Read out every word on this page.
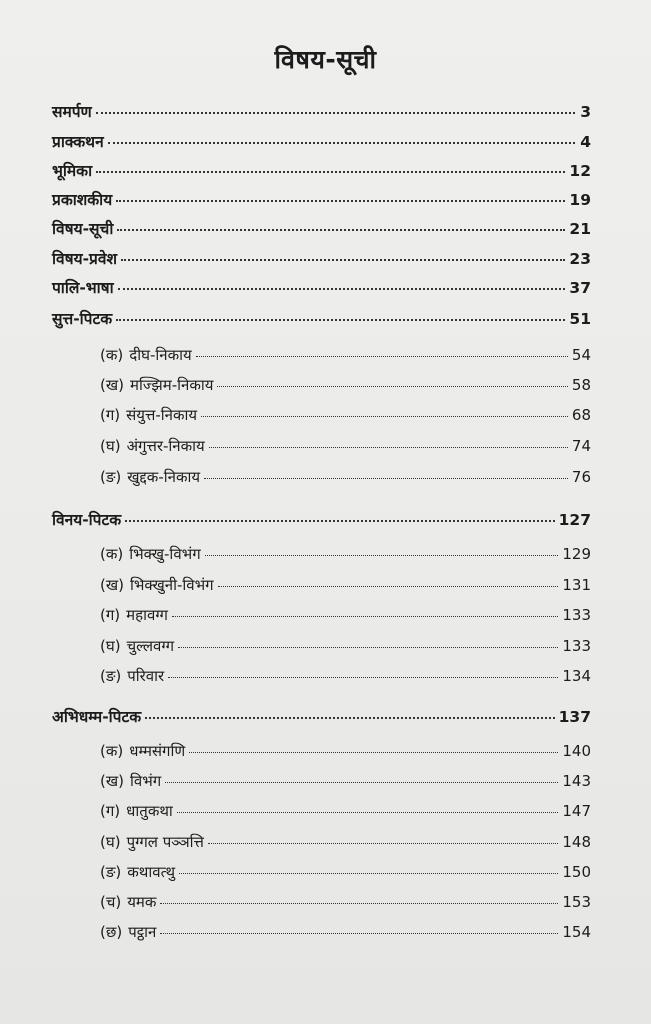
विषय-सूची
समर्पण	3
प्राक्कथन	4
भूमिका	12
प्रकाशकीय	19
विषय-सूची	21
विषय-प्रवेश	23
पालि-भाषा	37
सुत्त-पिटक	51
(क) दीघ-निकाय	54
(ख) मज्झिम-निकाय	58
(ग) संयुत्त-निकाय	68
(घ) अंगुत्तर-निकाय	74
(ङ) खुद्दक-निकाय	76
विनय-पिटक	127
(क) भिक्खु-विभंग	129
(ख) भिक्खुनी-विभंग	131
(ग) महावग्ग	133
(घ) चुल्लवग्ग	133
(ङ) परिवार	134
अभिधम्म-पिटक	137
(क) धम्मसंगणि	140
(ख) विभंग	143
(ग) धातुकथा	147
(घ) पुग्गल पञ्ञत्ति	148
(ङ) कथावत्थु	150
(च) यमक	153
(छ) पट्ठान	154
